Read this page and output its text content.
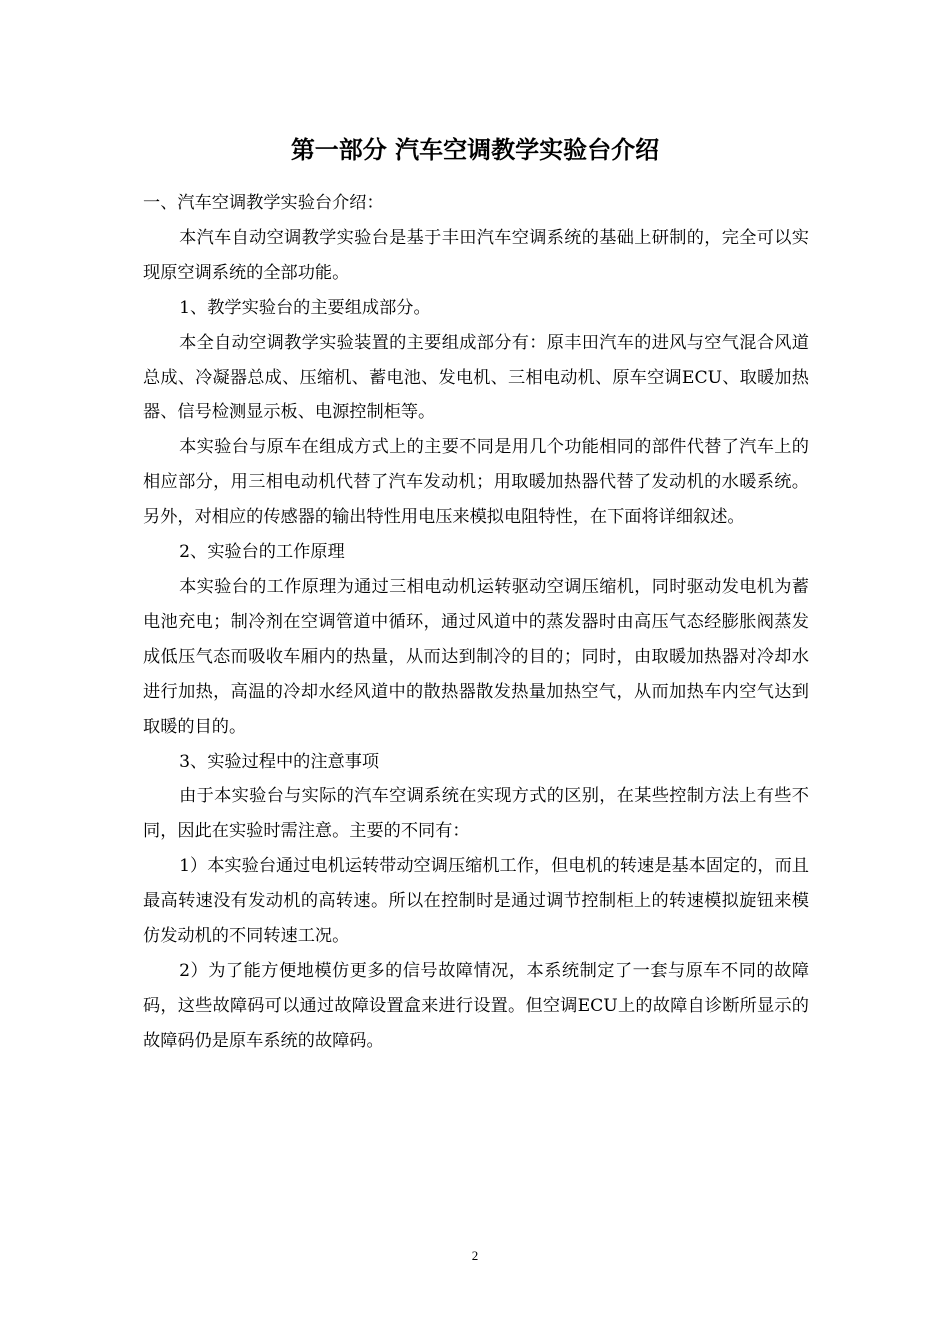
第一部分 汽车空调教学实验台介绍

一、汽车空调教学实验台介绍：

本汽车自动空调教学实验台是基于丰田汽车空调系统的基础上研制的，完全可以实现原空调系统的全部功能。

1、教学实验台的主要组成部分。

本全自动空调教学实验装置的主要组成部分有：原丰田汽车的进风与空气混合风道总成、冷凝器总成、压缩机、蓄电池、发电机、三相电动机、原车空调ECU、取暖加热器、信号检测显示板、电源控制柜等。

本实验台与原车在组成方式上的主要不同是用几个功能相同的部件代替了汽车上的相应部分，用三相电动机代替了汽车发动机；用取暖加热器代替了发动机的水暖系统。另外，对相应的传感器的输出特性用电压来模拟电阻特性，在下面将详细叙述。

2、实验台的工作原理

本实验台的工作原理为通过三相电动机运转驱动空调压缩机，同时驱动发电机为蓄电池充电；制冷剂在空调管道中循环，通过风道中的蒸发器时由高压气态经膨胀阀蒸发成低压气态而吸收车厢内的热量，从而达到制冷的目的；同时，由取暖加热器对冷却水进行加热，高温的冷却水经风道中的散热器散发热量加热空气，从而加热车内空气达到取暖的目的。

3、实验过程中的注意事项

由于本实验台与实际的汽车空调系统在实现方式的区别，在某些控制方法上有些不同，因此在实验时需注意。主要的不同有：

1）本实验台通过电机运转带动空调压缩机工作，但电机的转速是基本固定的，而且最高转速没有发动机的高转速。所以在控制时是通过调节控制柜上的转速模拟旋钮来模仿发动机的不同转速工况。

2）为了能方便地模仿更多的信号故障情况，本系统制定了一套与原车不同的故障码，这些故障码可以通过故障设置盒来进行设置。但空调ECU上的故障自诊断所显示的故障码仍是原车系统的故障码。

2
